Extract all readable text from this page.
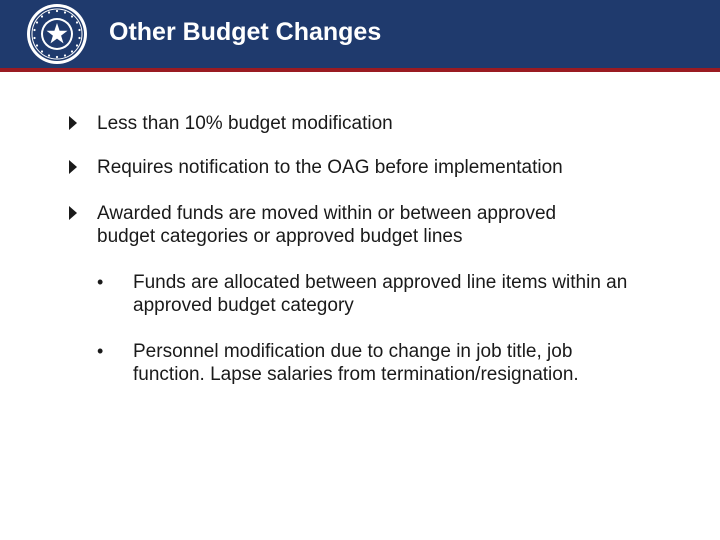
Other Budget Changes
Less than 10% budget modification
Requires notification to the OAG before implementation
Awarded funds are moved within or between approved budget categories or approved budget lines
• Funds are allocated between approved line items within an approved budget category
• Personnel modification due to change in job title, job function. Lapse salaries from termination/resignation.
